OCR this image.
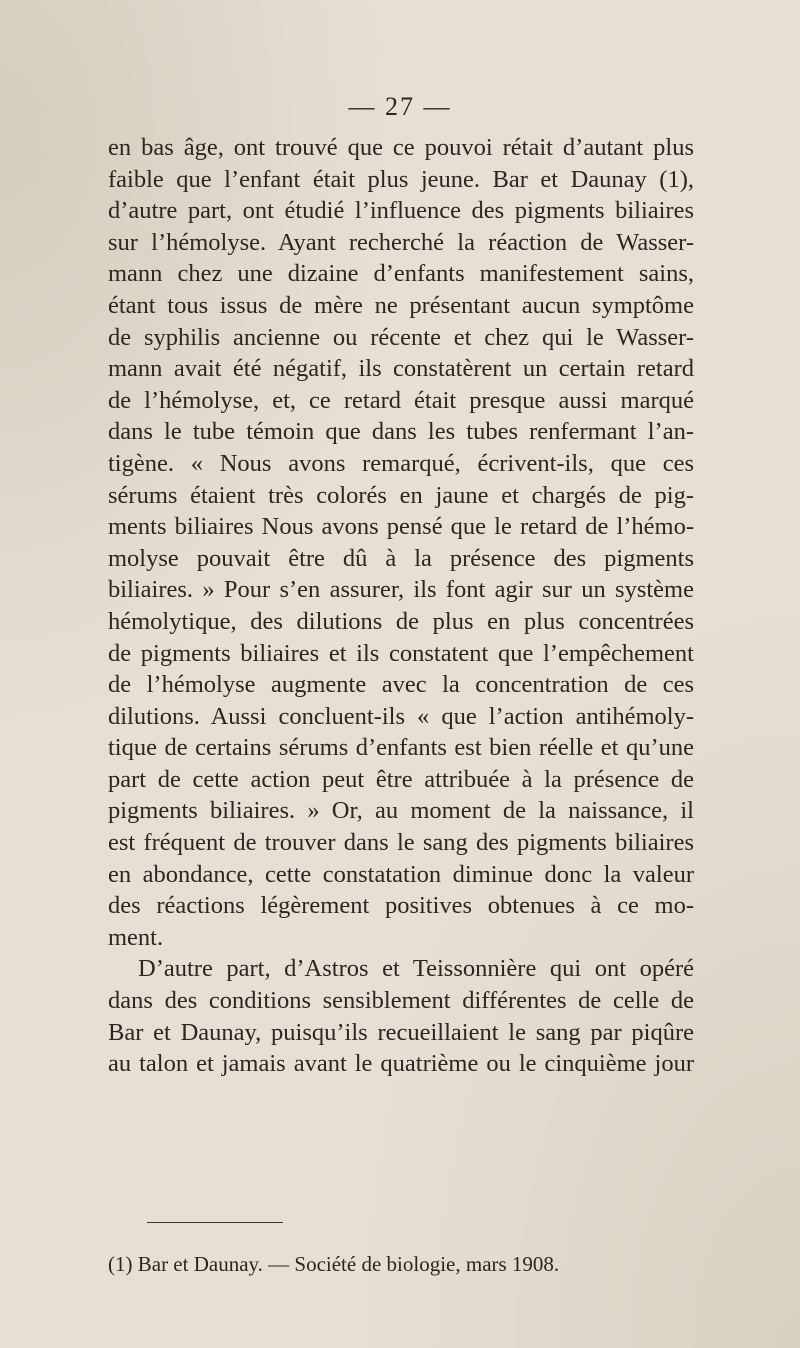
— 27 —
en bas âge, ont trouvé que ce pouvoi rétait d’autant plus
faible que l’enfant était plus jeune. Bar et Daunay (1),
d’autre part, ont étudié l’influence des pigments biliaires
sur l’hémolyse. Ayant recherché la réaction de Wasser-
mann chez une dizaine d’enfants manifestement sains,
étant tous issus de mère ne présentant aucun symptôme
de syphilis ancienne ou récente et chez qui le Wasser-
mann avait été négatif, ils constatèrent un certain retard
de l’hémolyse, et, ce retard était presque aussi marqué
dans le tube témoin que dans les tubes renfermant l’an-
tigène. « Nous avons remarqué, écrivent-ils, que ces
sérums étaient très colorés en jaune et chargés de pig-
ments biliaires Nous avons pensé que le retard de l’hémo-
molyse pouvait être dû à la présence des pigments
biliaires. » Pour s’en assurer, ils font agir sur un système
hémolytique, des dilutions de plus en plus concentrées
de pigments biliaires et ils constatent que l’empêchement
de l’hémolyse augmente avec la concentration de ces
dilutions. Aussi concluent-ils « que l’action antihémoly-
tique de certains sérums d’enfants est bien réelle et qu’une
part de cette action peut être attribuée à la présence de
pigments biliaires. » Or, au moment de la naissance, il
est fréquent de trouver dans le sang des pigments biliaires
en abondance, cette constatation diminue donc la valeur
des réactions légèrement positives obtenues à ce mo-
ment.
D’autre part, d’Astros et Teissonnière qui ont opéré
dans des conditions sensiblement différentes de celle de
Bar et Daunay, puisqu’ils recueillaient le sang par piqûre
au talon et jamais avant le quatrième ou le cinquième jour
(1) Bar et Daunay. — Société de biologie, mars 1908.
